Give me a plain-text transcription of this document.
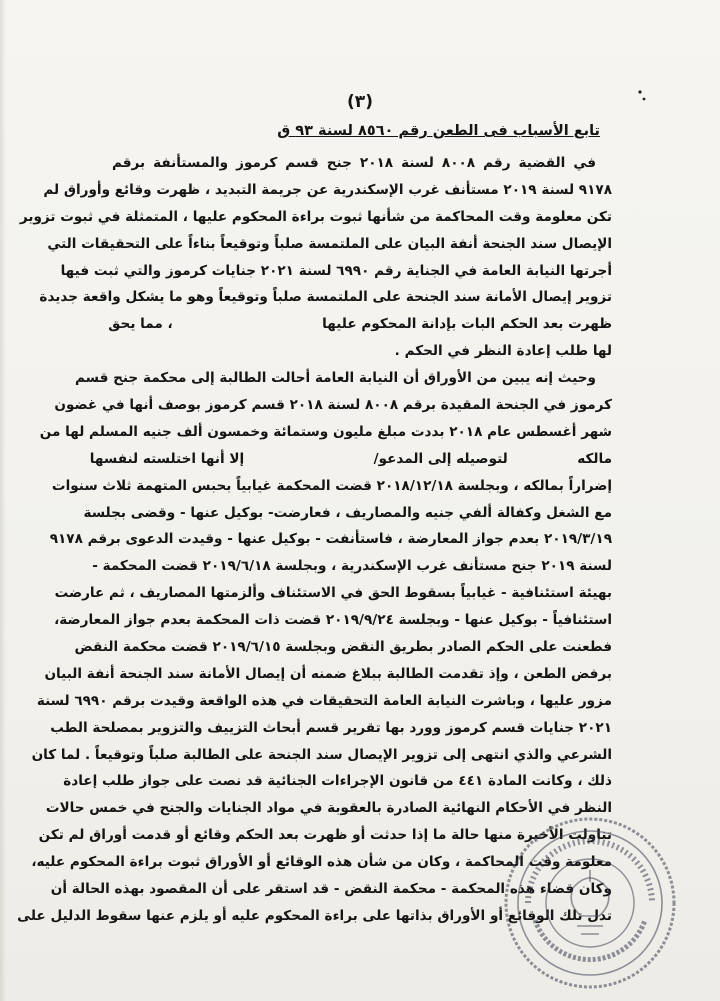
(٣)
تابع الأسباب فى الطعن رقم ٨٥٦٠ لسنة ٩٣ ق
في القضية رقم ٨٠٠٨ لسنة ٢٠١٨ جنح قسم كرموز والمستأنفة برقم
٩١٧٨ لسنة ٢٠١٩ مستأنف غرب الإسكندرية عن جريمة التبديد ، ظهرت وقائع وأوراق لم
تكن معلومة وقت المحاكمة من شأنها ثبوت براءة المحكوم عليها ، المتمثلة في ثبوت تزوير
الإيصال سند الجنحة أنفة البيان على الملتمسة صلباً وتوقيعاً بناءاً على التحقيقات التي
أجرتها النيابة العامة في الجناية رقم ٦٩٩٠ لسنة ٢٠٢١ جنايات كرموز والتي ثبت فيها
تزوير إيصال الأمانة سند الجنحة على الملتمسة صلباً وتوقيعاً وهو ما يشكل واقعة جديدة
ظهرت بعد الحكم البات بإدانة المحكوم عليها  ، مما يحق
لها طلب إعادة النظر في الحكم .
وحيث إنه يبين من الأوراق أن النيابة العامة أحالت الطالبة إلى محكمة جنح قسم
كرموز في الجنحة المقيدة برقم ٨٠٠٨ لسنة ٢٠١٨ قسم كرموز بوصف أنها في غضون
شهر أغسطس عام ٢٠١٨ بددت مبلغ مليون وستمائة وخمسون ألف جنيه المسلم لها من
مالكه  لتوصيله إلى المدعو/  إلا أنها اختلسته لنفسها
إضراراً بمالكه ، وبجلسة ٢٠١٨/١٢/١٨ قضت المحكمة غيابياً بحبس المتهمة ثلاث سنوات
مع الشغل وكفالة ألفي جنيه والمصاريف ، فعارضت- بوكيل عنها - وقضى بجلسة
٢٠١٩/٣/١٩ بعدم جواز المعارضة ، فاستأنفت - بوكيل عنها - وقيدت الدعوى برقم ٩١٧٨
لسنة ٢٠١٩ جنح مستأنف غرب الإسكندرية ، وبجلسة ٢٠١٩/٦/١٨ قضت المحكمة -
بهيئة استئنافية - غيابياً بسقوط الحق في الاستئناف وألزمتها المصاريف ، ثم عارضت
استئنافياً - بوكيل عنها - وبجلسة ٢٠١٩/٩/٢٤ قضت ذات المحكمة بعدم جواز المعارضة،
فطعنت على الحكم الصادر بطريق النقض وبجلسة ٢٠١٩/٦/١٥ قضت محكمة النقض
برفض الطعن ، وإذ تقدمت الطالبة ببلاغ ضمنه أن إيصال الأمانة سند الجنحة أنفة البيان
مزور عليها ، وباشرت النيابة العامة التحقيقات في هذه الواقعة وقيدت برقم ٦٩٩٠ لسنة
٢٠٢١ جنايات قسم كرموز وورد بها تقرير قسم أبحاث التزييف والتزوير بمصلحة الطب
الشرعي والذي انتهى إلى تزوير الإيصال سند الجنحة على الطالبة صلباً وتوقيعاً . لما كان
ذلك ، وكانت المادة ٤٤١ من قانون الإجراءات الجنائية قد نصت على جواز طلب إعادة
النظر في الأحكام النهائية الصادرة بالعقوبة في مواد الجنايات والجنح في خمس حالات
تناولت الأخيرة منها حالة ما إذا حدثت أو ظهرت بعد الحكم وقائع أو قدمت أوراق لم تكن
معلومة وقت المحاكمة ، وكان من شأن هذه الوقائع أو الأوراق ثبوت براءة المحكوم عليه،
وكان قضاء هذه المحكمة - محكمة النقض - قد استقر على أن المقصود بهذه الحالة أن
تدل تلك الوقائع أو الأوراق بذاتها على براءة المحكوم عليه أو يلزم عنها سقوط الدليل على
